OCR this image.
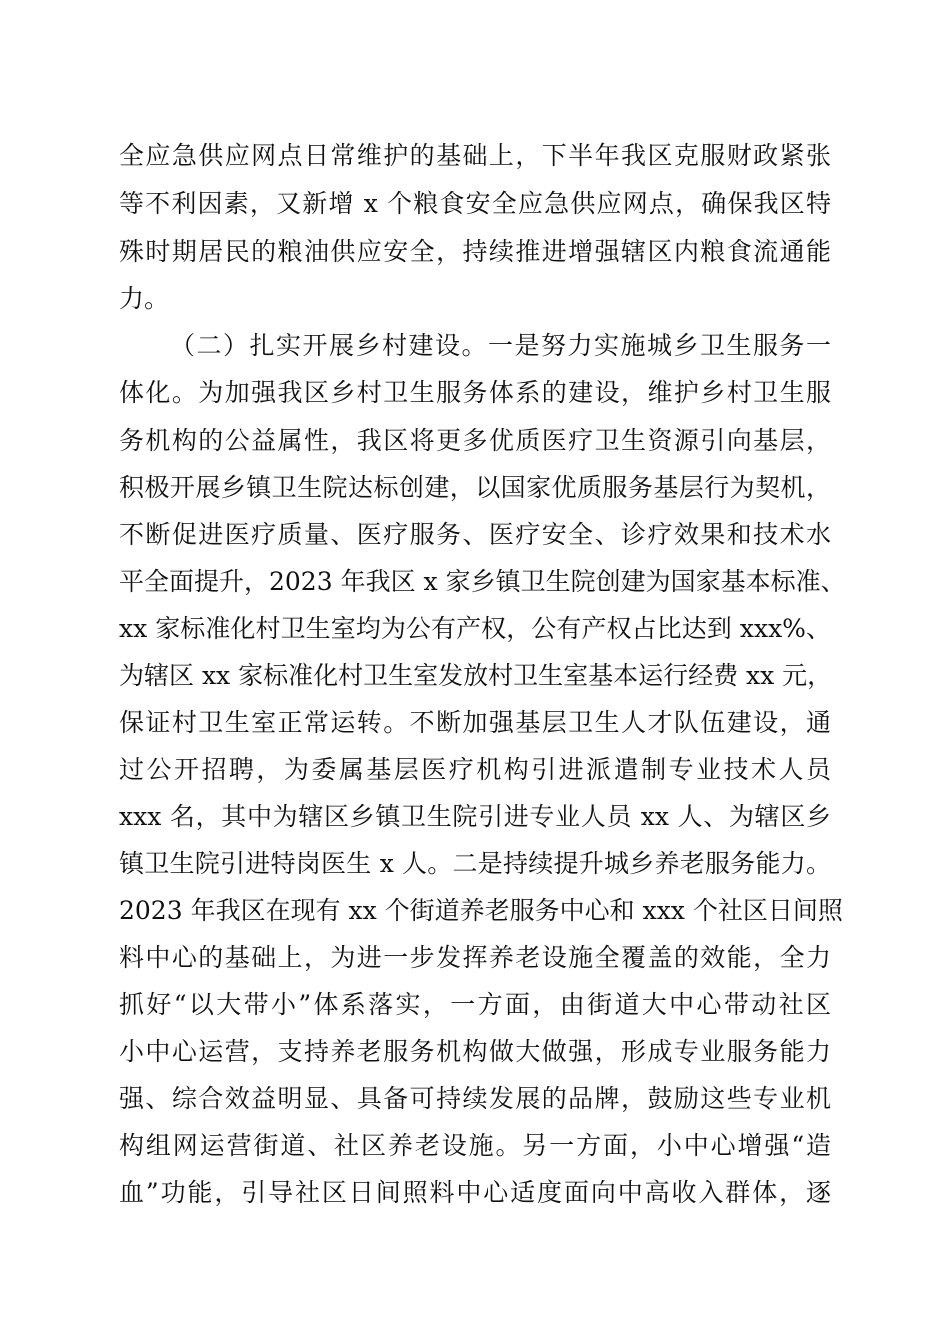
全应急供应网点日常维护的基础上，下半年我区克服财政紧张
等不利因素，又新增 x 个粮食安全应急供应网点，确保我区特
殊时期居民的粮油供应安全，持续推进增强辖区内粮食流通能
力。
（二）扎实开展乡村建设。一是努力实施城乡卫生服务一
体化。为加强我区乡村卫生服务体系的建设，维护乡村卫生服
务机构的公益属性，我区将更多优质医疗卫生资源引向基层，
积极开展乡镇卫生院达标创建，以国家优质服务基层行为契机，
不断促进医疗质量、医疗服务、医疗安全、诊疗效果和技术水
平全面提升，2023 年我区 x 家乡镇卫生院创建为国家基本标准、
xx 家标准化村卫生室均为公有产权，公有产权占比达到 xxx%、
为辖区 xx 家标准化村卫生室发放村卫生室基本运行经费 xx 元，
保证村卫生室正常运转。不断加强基层卫生人才队伍建设，通
过公开招聘，为委属基层医疗机构引进派遣制专业技术人员
xxx 名，其中为辖区乡镇卫生院引进专业人员 xx 人、为辖区乡
镇卫生院引进特岗医生 x 人。二是持续提升城乡养老服务能力。
2023 年我区在现有 xx 个街道养老服务中心和 xxx 个社区日间照
料中心的基础上，为进一步发挥养老设施全覆盖的效能，全力
抓好“以大带小”体系落实，一方面，由街道大中心带动社区
小中心运营，支持养老服务机构做大做强，形成专业服务能力
强、综合效益明显、具备可持续发展的品牌，鼓励这些专业机
构组网运营街道、社区养老设施。另一方面，小中心增强“造
血”功能，引导社区日间照料中心适度面向中高收入群体，逐
